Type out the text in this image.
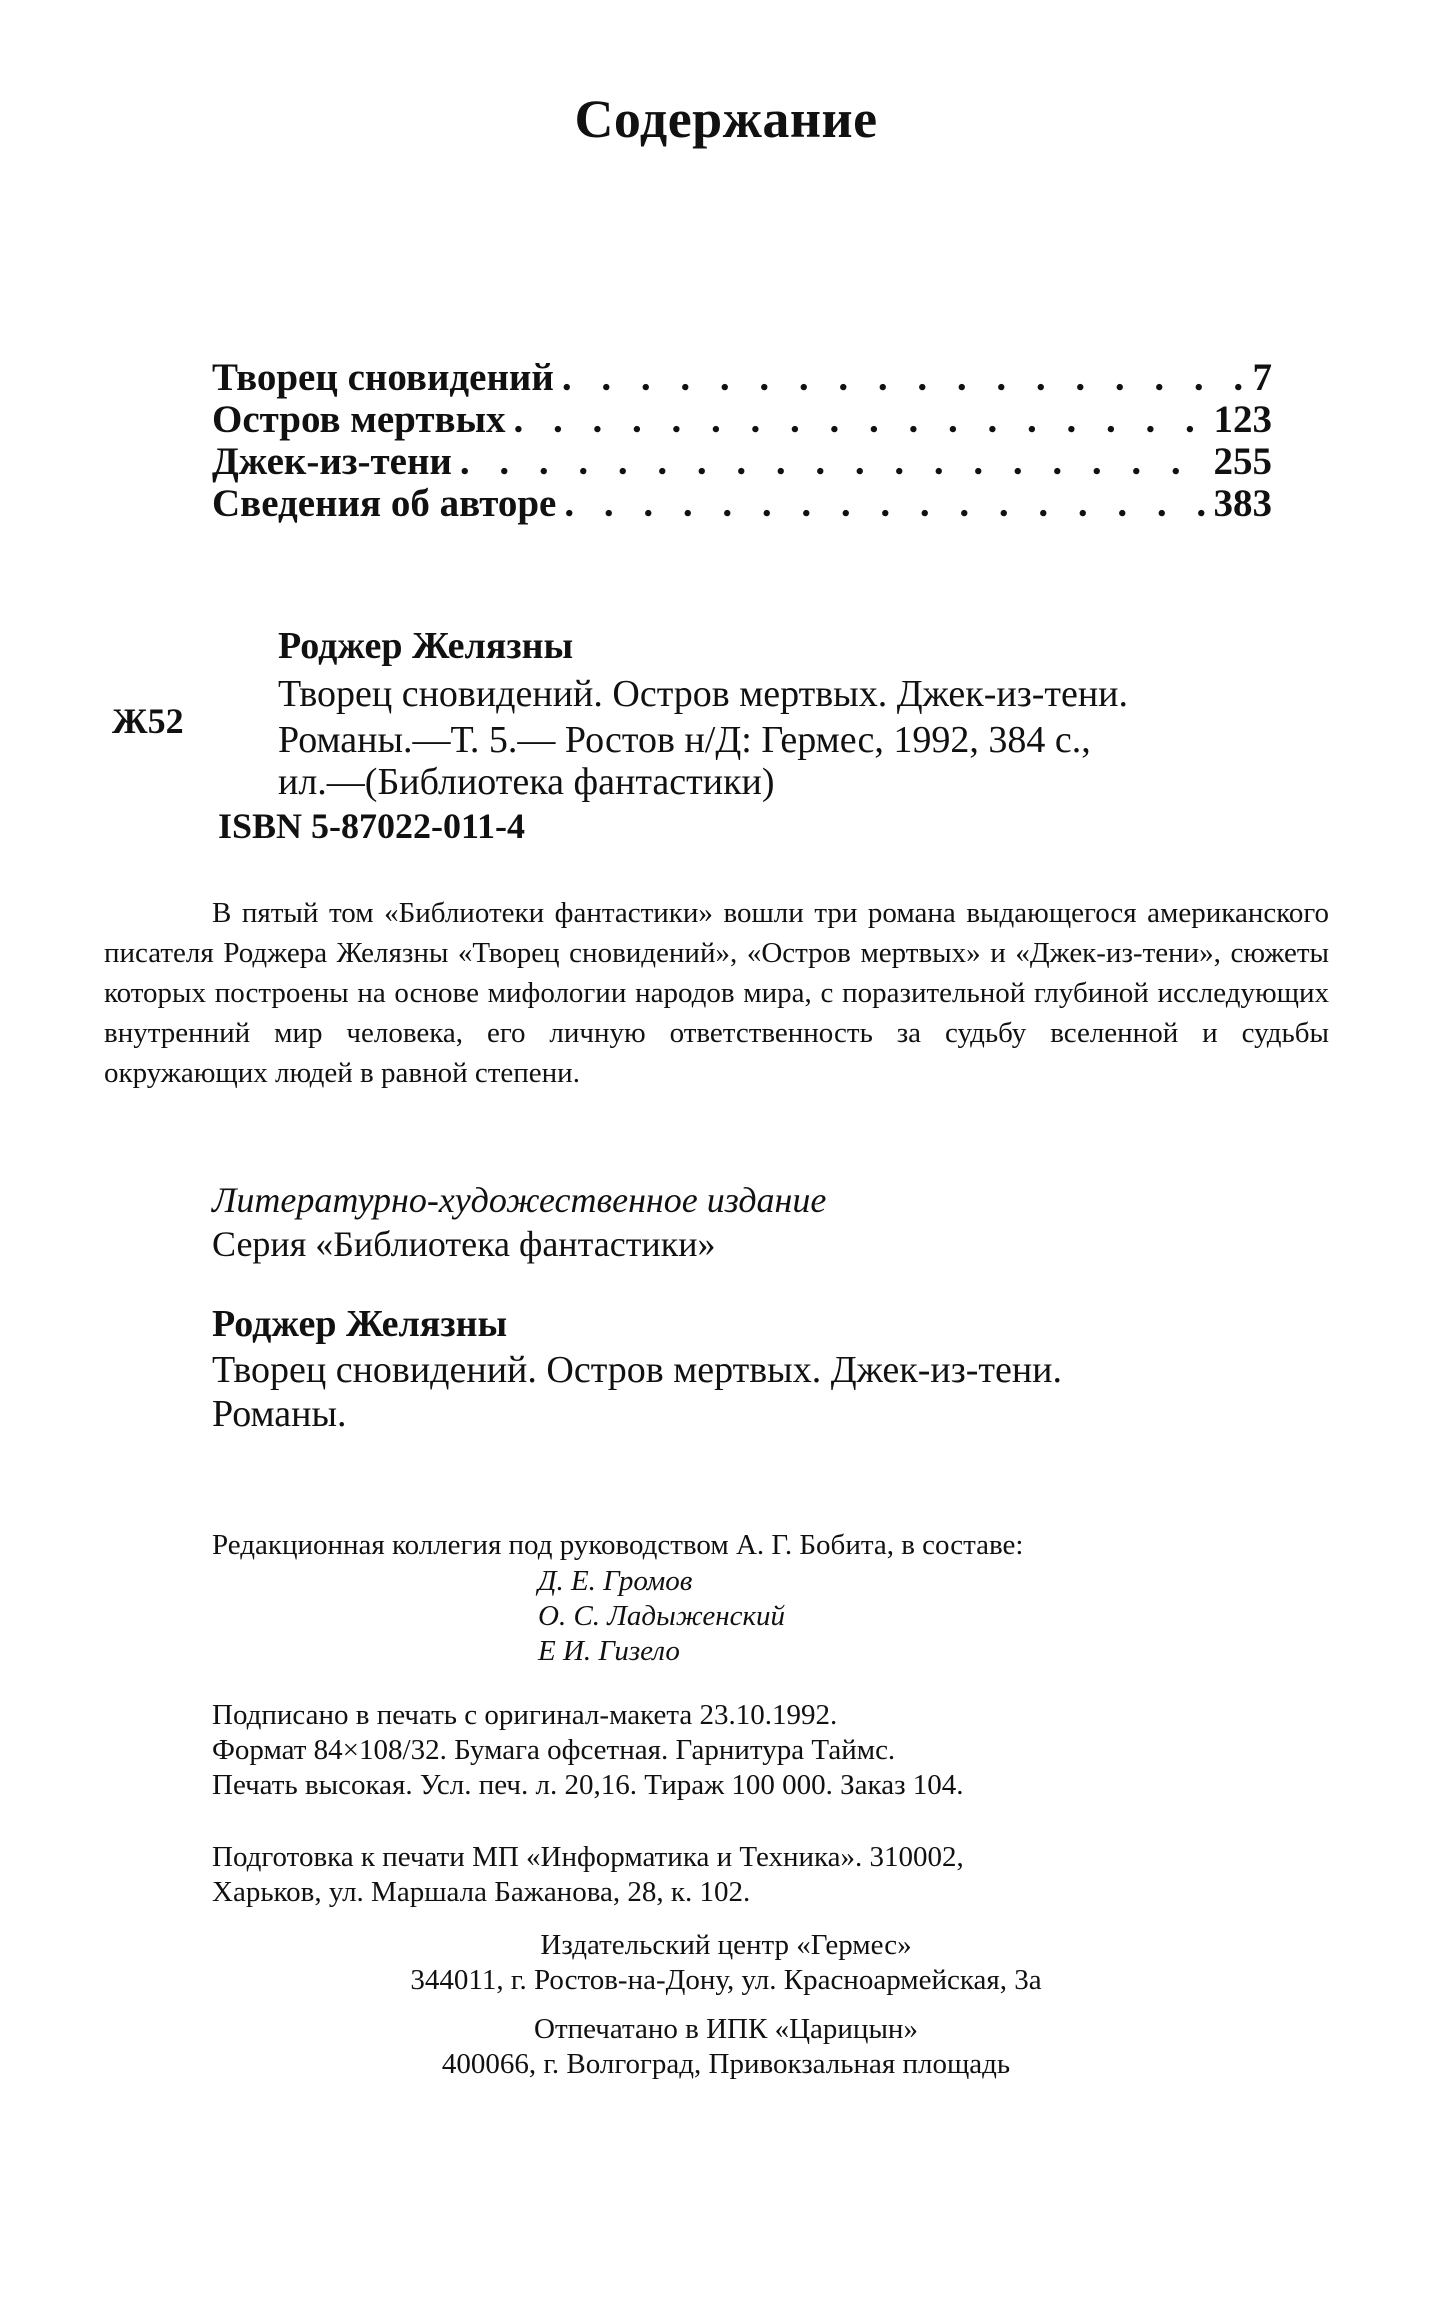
Содержание
Творец сновидений . . .	7
Остров мертвых . . .	123
Джек-из-тени . . .	255
Сведения об авторе . . .	383
Ж52
Роджер Желязны
Творец сновидений. Остров мертвых. Джек-из-тени.
Романы.—Т. 5.— Ростов н/Д: Гермес, 1992, 384 с.,
ил.—(Библиотека фантастики)
ISBN 5-87022-011-4
В пятый том «Библиотеки фантастики» вошли три романа выдающегося американского писателя Роджера Желязны «Творец сновидений», «Остров мертвых» и «Джек-из-тени», сюжеты которых построены на основе мифологии народов мира, с поразительной глубиной исследующих внутренний мир человека, его личную ответственность за судьбу вселенной и судьбы окружающих людей в равной степени.
Литературно-художественное издание
Серия «Библиотека фантастики»
Роджер Желязны
Творец сновидений. Остров мертвых. Джек-из-тени.
Романы.
Редакционная коллегия под руководством А. Г. Бобита, в составе:
Д. Е. Громов
О. С. Ладыженский
Е И. Гизело
Подписано в печать с оригинал-макета 23.10.1992.
Формат 84×108/32. Бумага офсетная. Гарнитура Таймс.
Печать высокая. Усл. печ. л. 20,16. Тираж 100 000. Заказ 104.
Подготовка к печати МП «Информатика и Техника». 310002,
Харьков, ул. Маршала Бажанова, 28, к. 102.
Издательский центр «Гермес»
344011, г. Ростов-на-Дону, ул. Красноармейская, 3а
Отпечатано в ИПК «Царицын»
400066, г. Волгоград, Привокзальная площадь
